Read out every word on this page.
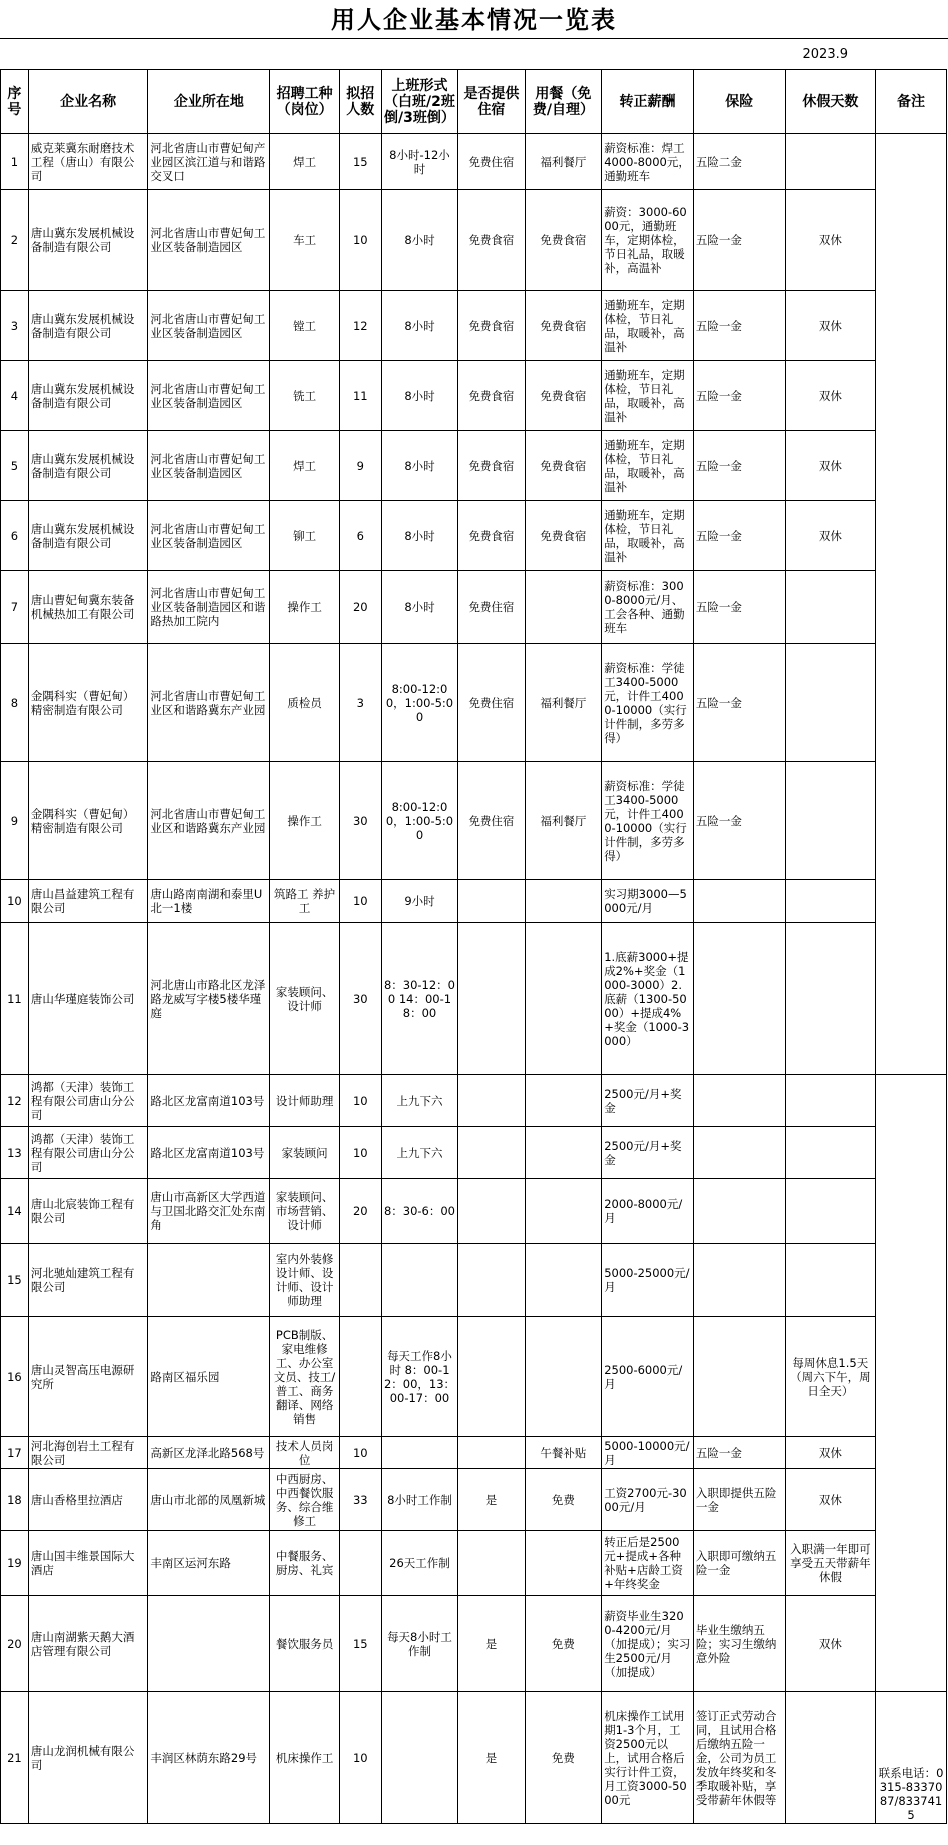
用人企业基本情况一览表
2023.9
序号	企业名称	企业所在地	招聘工种（岗位）	拟招人数	上班形式（白班/2班倒/3班倒）	是否提供住宿	用餐（免费/自理）	转正薪酬	保险	休假天数	备注
1	威克莱冀东耐磨技术工程（唐山）有限公司	河北省唐山市曹妃甸产业园区滨江道与和谐路交叉口	焊工	15	8小时-12小时	免费住宿	福利餐厅	薪资标准：焊工4000-8000元，通勤班车	五险二金		
2	唐山冀东发展机械设备制造有限公司	河北省唐山市曹妃甸工业区装备制造园区	车工	10	8小时	免费食宿	免费食宿	薪资：3000-6000元，通勤班车，定期体检，节日礼品，取暖补，高温补	五险一金	双休	
3	唐山冀东发展机械设备制造有限公司	河北省唐山市曹妃甸工业区装备制造园区	镗工	12	8小时	免费食宿	免费食宿	通勤班车，定期体检，节日礼品，取暖补，高温补	五险一金	双休	
4	唐山冀东发展机械设备制造有限公司	河北省唐山市曹妃甸工业区装备制造园区	铣工	11	8小时	免费食宿	免费食宿	通勤班车，定期体检，节日礼品，取暖补，高温补	五险一金	双休	
5	唐山冀东发展机械设备制造有限公司	河北省唐山市曹妃甸工业区装备制造园区	焊工	9	8小时	免费食宿	免费食宿	通勤班车，定期体检，节日礼品，取暖补，高温补	五险一金	双休	
6	唐山冀东发展机械设备制造有限公司	河北省唐山市曹妃甸工业区装备制造园区	铆工	6	8小时	免费食宿	免费食宿	通勤班车，定期体检，节日礼品，取暖补，高温补	五险一金	双休	
7	唐山曹妃甸冀东装备机械热加工有限公司	河北省唐山市曹妃甸工业区装备制造园区和谐路热加工院内	操作工	20	8小时	免费住宿		薪资标准：3000-8000元/月、工会各种、通勤班车	五险一金		
8	金隅科实（曹妃甸）精密制造有限公司	河北省唐山市曹妃甸工业区和谐路冀东产业园	质检员	3	8:00-12:00，1:00-5:00	免费住宿	福利餐厅	薪资标准：学徒工3400-5000元，计件工4000-10000（实行计件制，多劳多得）	五险一金		
9	金隅科实（曹妃甸）精密制造有限公司	河北省唐山市曹妃甸工业区和谐路冀东产业园	操作工	30	8:00-12:00，1:00-5:00	免费住宿	福利餐厅	薪资标准：学徒工3400-5000元，计件工4000-10000（实行计件制，多劳多得）	五险一金		
10	唐山昌益建筑工程有限公司	唐山路南南湖和泰里U北一1楼	筑路工 养护工	10	9小时			实习期3000—5000元/月			
11	唐山华瑾庭装饰公司	河北唐山市路北区龙泽路龙威写字楼5楼华瑾庭	家装顾问、设计师	30	8：30-12：00 14：00-18：00			1.底薪3000+提成2%+奖金（1000-3000）2.底薪（1300-5000）+提成4%+奖金（1000-3000）			
12	鸿都（天津）装饰工程有限公司唐山分公司	路北区龙富南道103号	设计师助理	10	上九下六			2500元/月+奖金			
13	鸿都（天津）装饰工程有限公司唐山分公司	路北区龙富南道103号	家装顾问	10	上九下六			2500元/月+奖金			
14	唐山北宸装饰工程有限公司	唐山市高新区大学西道与卫国北路交汇处东南角	家装顾问、市场营销、设计师	20	8：30-6：00			2000-8000元/月			
15	河北驰灿建筑工程有限公司		室内外装修设计师、设计师、设计师助理					5000-25000元/月			
16	唐山灵智高压电源研究所	路南区福乐园	PCB制版、家电维修工、办公室文员、技工/普工、商务翻译、网络销售		每天工作8小时 8：00-12：00，13：00-17：00			2500-6000元/月		每周休息1.5天（周六下午，周日全天）	
17	河北海创岩土工程有限公司	高新区龙泽北路568号	技术人员岗位	10			午餐补贴	5000-10000元/月	五险一金	双休	
18	唐山香格里拉酒店	唐山市北部的凤凰新城	中西厨房、中西餐饮服务、综合维修工	33	8小时工作制	是	免费	工资2700元-3000元/月	入职即提供五险一金	双休	
19	唐山国丰维景国际大酒店	丰南区运河东路	中餐服务、厨房、礼宾		26天工作制			转正后是2500元+提成+各种补贴+店龄工资+年终奖金	入职即可缴纳五险一金	入职满一年即可享受五天带薪年休假	
20	唐山南湖紫天鹅大酒店管理有限公司		餐饮服务员	15	每天8小时工作制	是	免费	薪资毕业生3200-4200元/月（加提成）；实习生2500元/月（加提成）	毕业生缴纳五险；实习生缴纳意外险	双休	
21	唐山龙润机械有限公司	丰润区林荫东路29号	机床操作工	10		是	免费	机床操作工试用期1-3个月，工资2500元以上，试用合格后实行计件工资，月工资3000-5000元	签订正式劳动合同，且试用合格后缴纳五险一金，公司为员工发放年终奖和冬季取暖补贴，享受带薪年休假等		联系电话：0315-8337087/8337415
